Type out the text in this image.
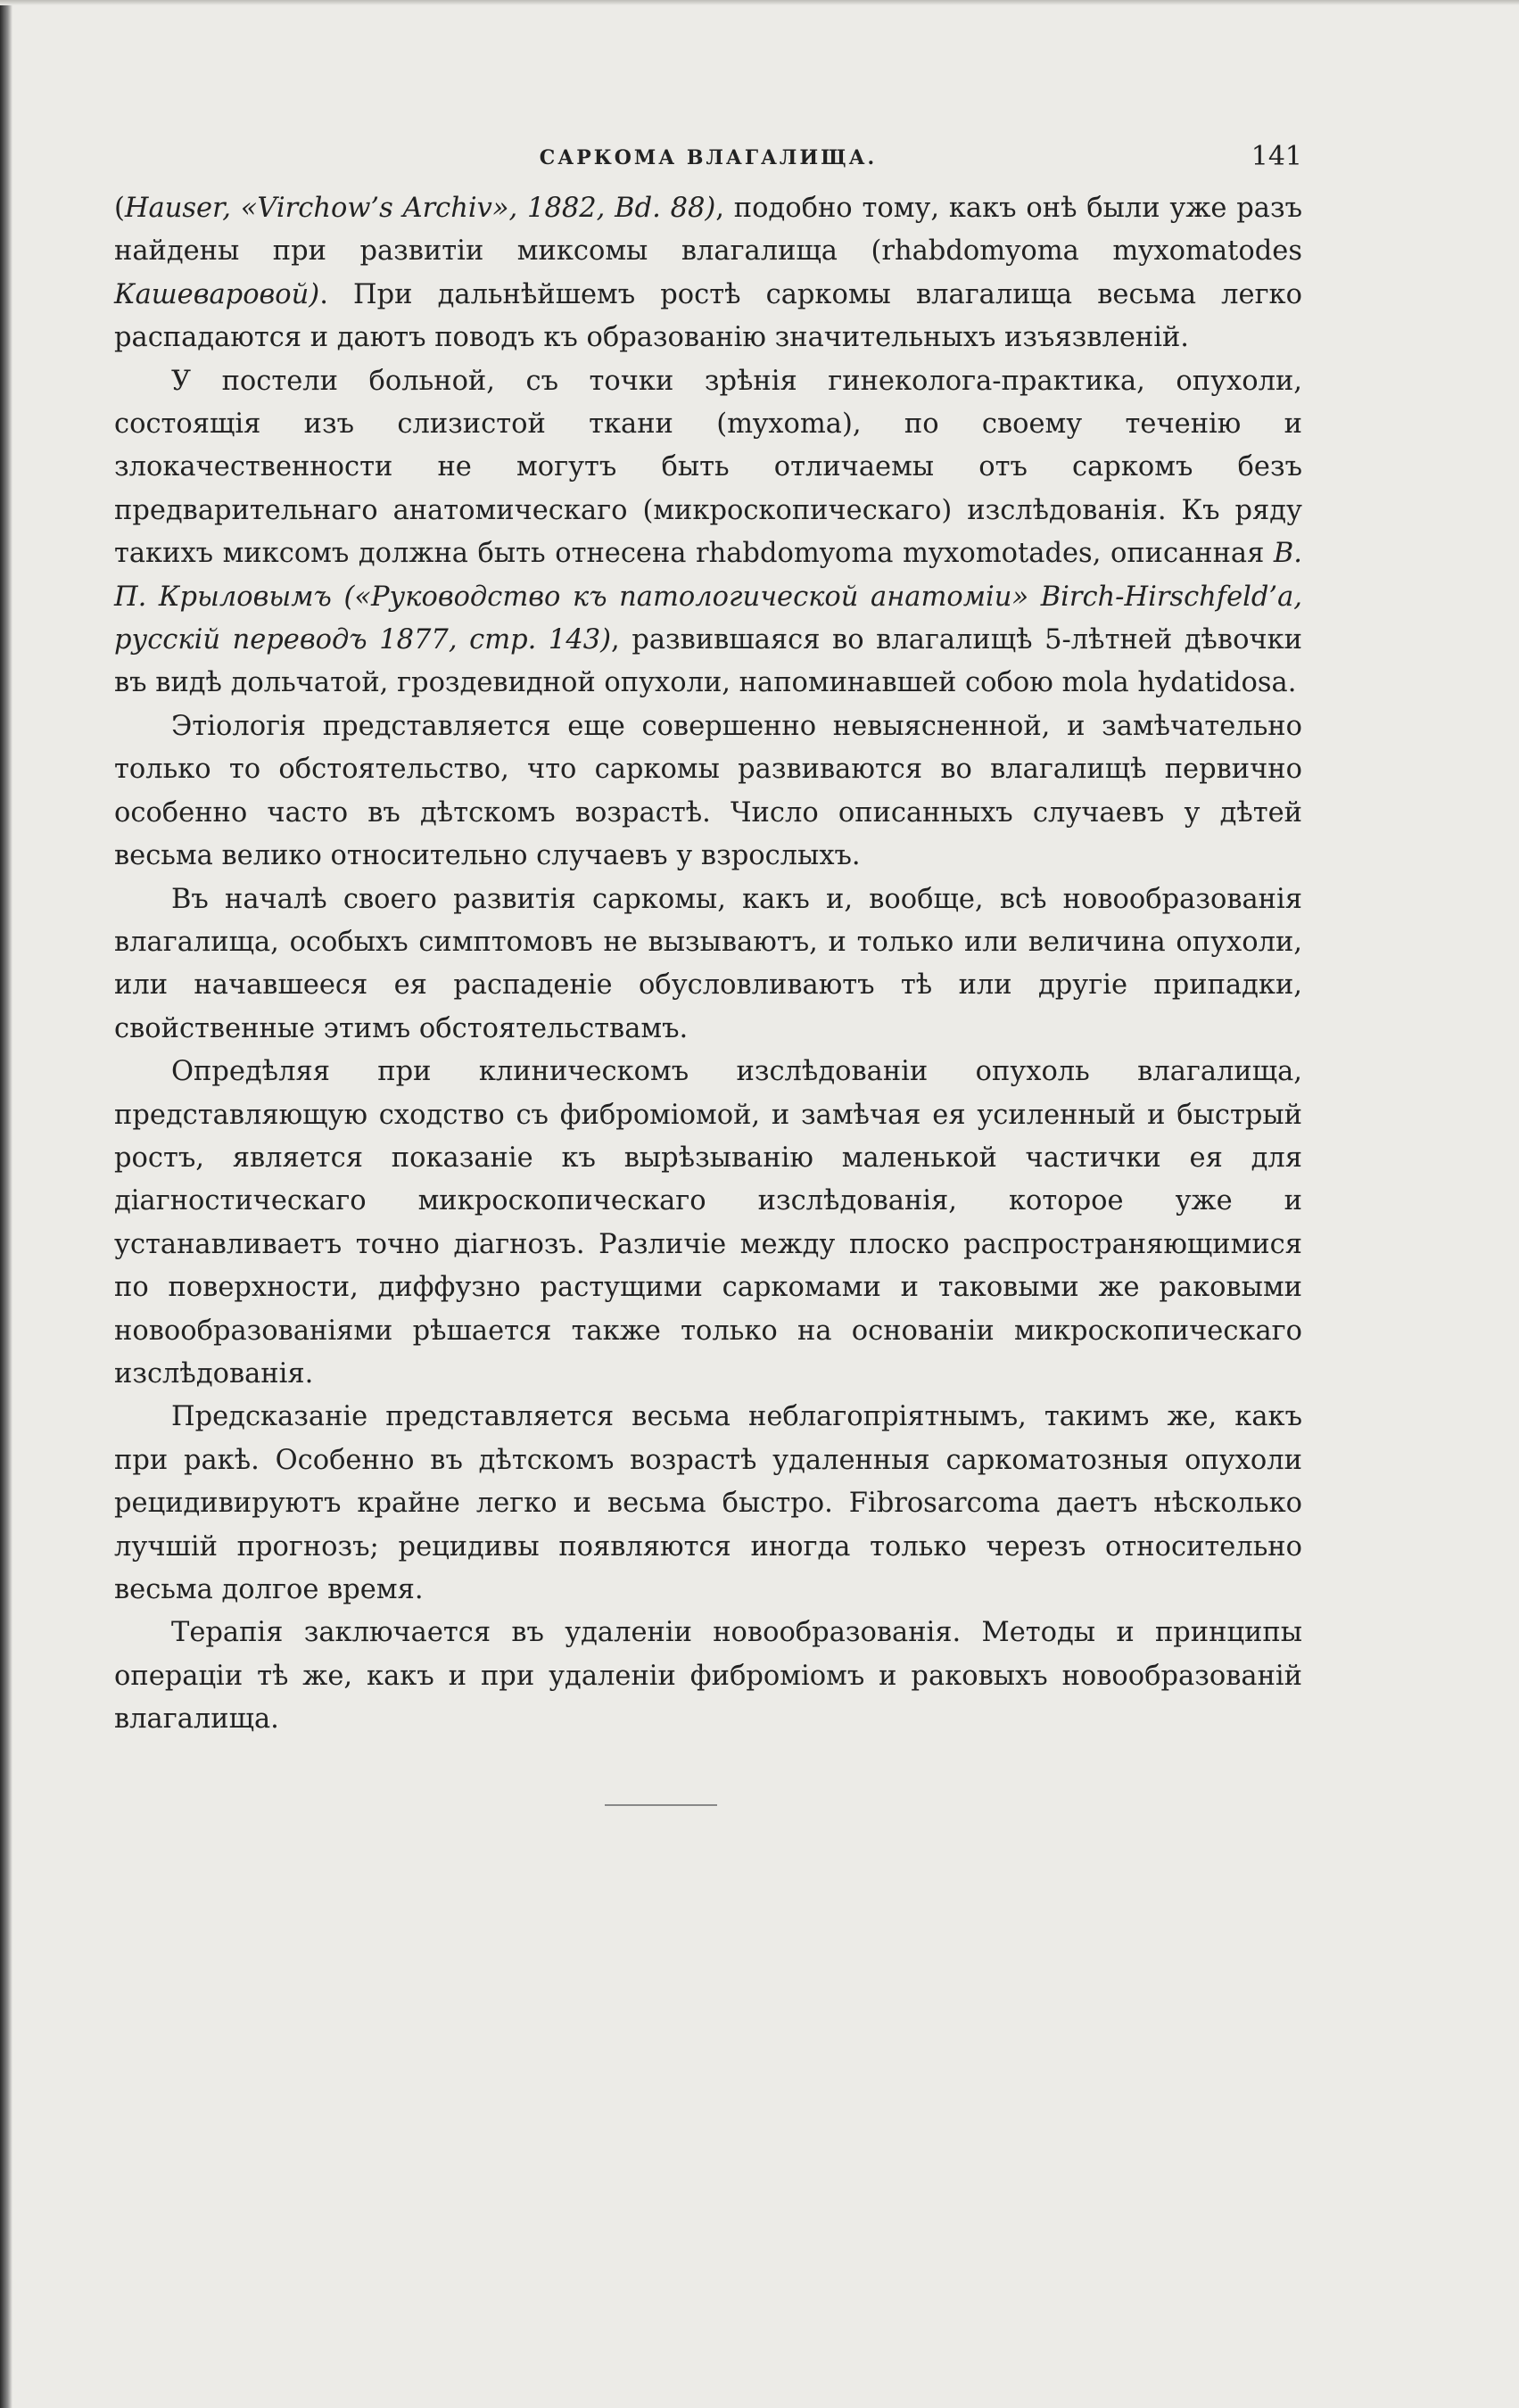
САРКОМА ВЛАГАЛИЩА.	141

(Hauser, «Virchow’s Archiv», 1882, Bd. 88), подобно тому, какъ онѣ были уже разъ найдены при развитіи миксомы влагалища (rhabdomyoma myxomatodes Кашеваровой). При дальнѣйшемъ ростѣ саркомы влагалища весьма легко распадаются и даютъ поводъ къ образованію значительныхъ изъязвленій.

У постели больной, съ точки зрѣнія гинеколога-практика, опухоли, состоящія изъ слизистой ткани (myxoma), по своему теченію и злокачественности не могутъ быть отличаемы отъ саркомъ безъ предварительнаго анатомическаго (микроскопическаго) изслѣдованія. Къ ряду такихъ миксомъ должна быть отнесена rhabdomyoma myxomotades, описанная В. П. Крыловымъ («Руководство къ патологической анатоміи» Birch-Hirschfeld’а, русскій переводъ 1877, стр. 143), развившаяся во влагалищѣ 5-лѣтней дѣвочки въ видѣ дольчатой, гроздевидной опухоли, напоминавшей собою mola hydatidosa.

Этіологія представляется еще совершенно невыясненной, и замѣчательно только то обстоятельство, что саркомы развиваются во влагалищѣ первично особенно часто въ дѣтскомъ возрастѣ. Число описанныхъ случаевъ у дѣтей весьма велико относительно случаевъ у взрослыхъ.

Въ началѣ своего развитія саркомы, какъ и, вообще, всѣ новообразованія влагалища, особыхъ симптомовъ не вызываютъ, и только или величина опухоли, или начавшееся ея распаденіе обусловливаютъ тѣ или другіе припадки, свойственные этимъ обстоятельствамъ.

Опредѣляя при клиническомъ изслѣдованіи опухоль влагалища, представляющую сходство съ фиброміомой, и замѣчая ея усиленный и быстрый ростъ, является показаніе къ вырѣзыванію маленькой частички ея для діагностическаго микроскопическаго изслѣдованія, которое уже и устанавливаетъ точно діагнозъ. Различіе между плоско распространяющимися по поверхности, диффузно растущими саркомами и таковыми же раковыми новообразованіями рѣшается также только на основаніи микроскопическаго изслѣдованія.

Предсказаніе представляется весьма неблагопріятнымъ, такимъ же, какъ при ракѣ. Особенно въ дѣтскомъ возрастѣ удаленныя саркоматозныя опухоли рецидивируютъ крайне легко и весьма быстро. Fibrosarcoma даетъ нѣсколько лучшій прогнозъ; рецидивы появляются иногда только черезъ относительно весьма долгое время.

Терапія заключается въ удаленіи новообразованія. Методы и принципы операціи тѣ же, какъ и при удаленіи фиброміомъ и раковыхъ новообразованій влагалища.
